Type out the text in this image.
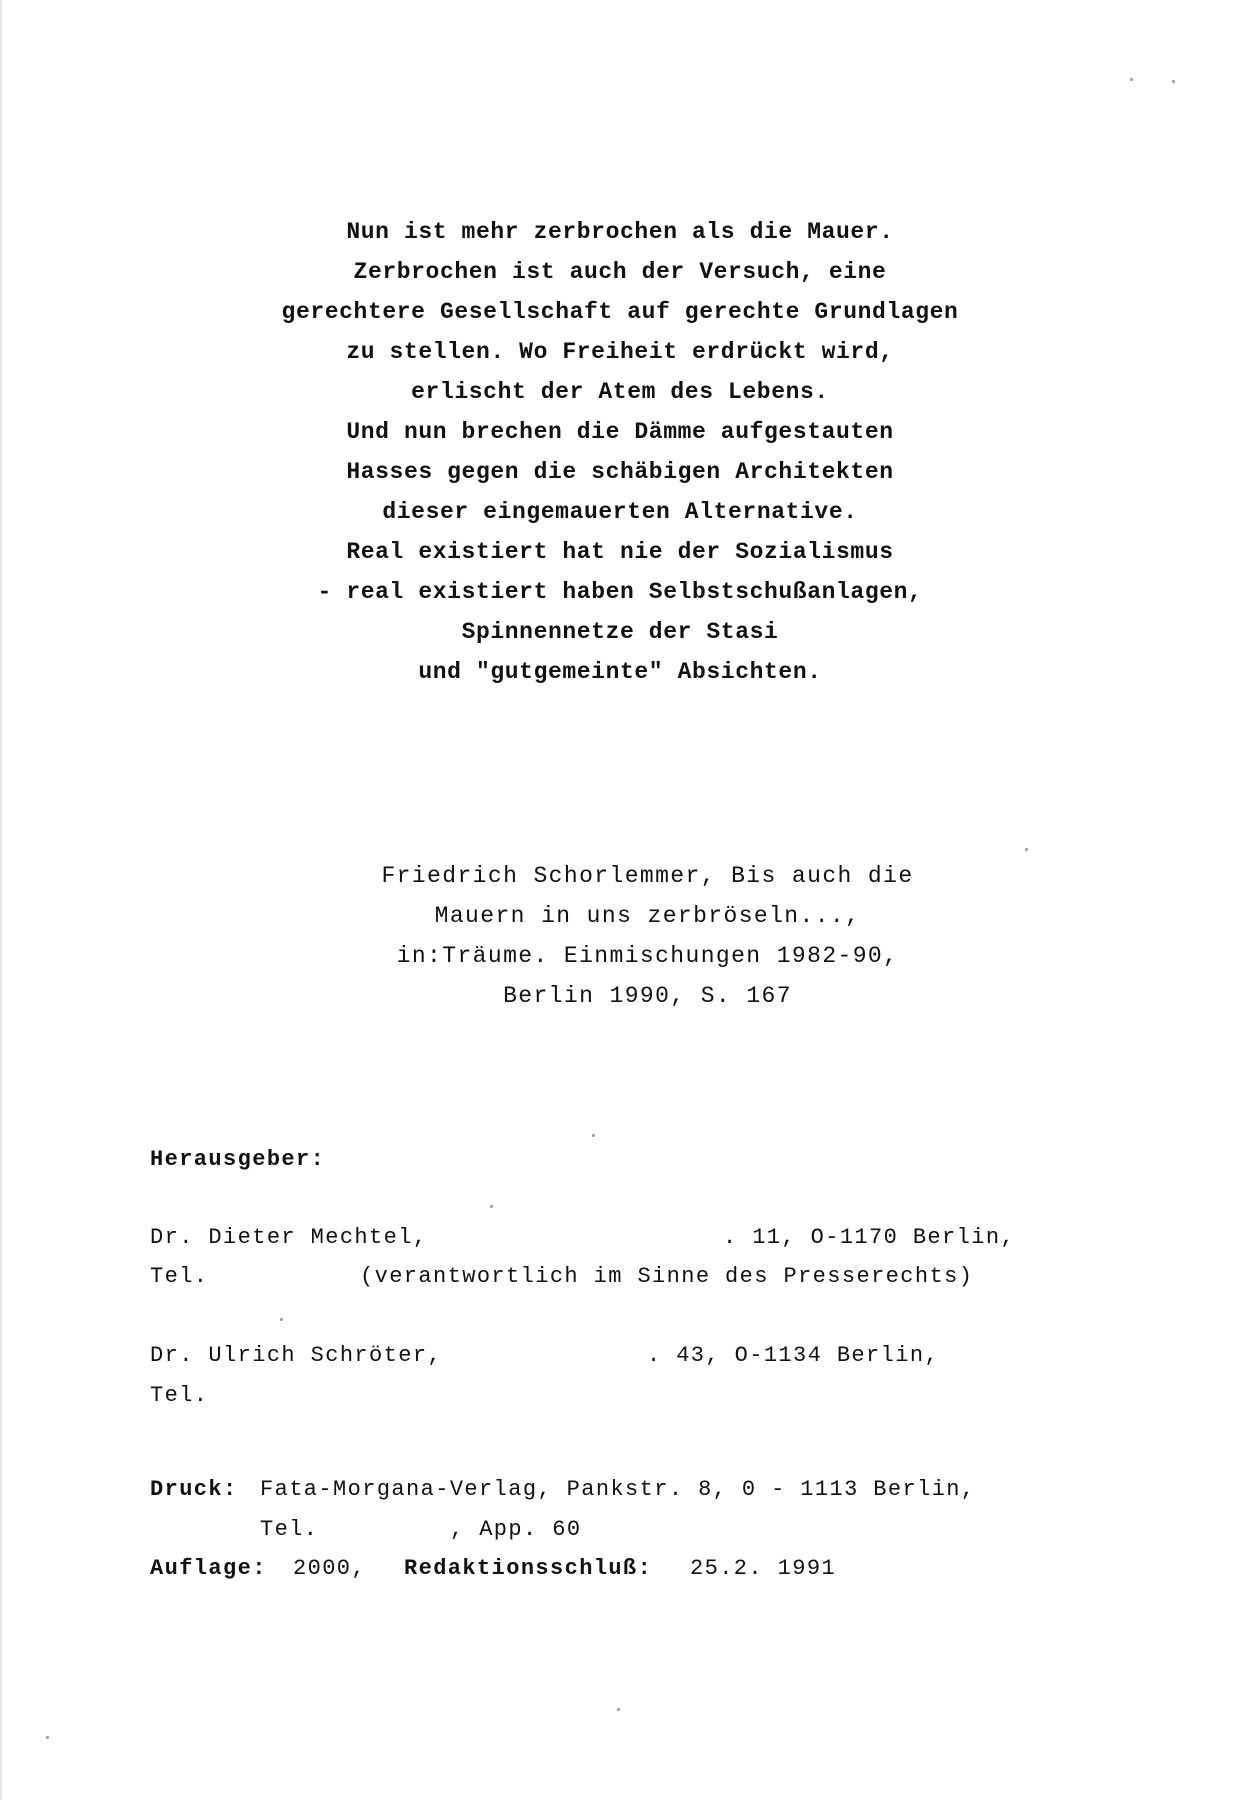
Nun ist mehr zerbrochen als die Mauer.
Zerbrochen ist auch der Versuch, eine
gerechtere Gesellschaft auf gerechte Grundlagen
zu stellen. Wo Freiheit erdrückt wird,
erlischt der Atem des Lebens.
Und nun brechen die Dämme aufgestauten
Hasses gegen die schäbigen Architekten
dieser eingemauerten Alternative.
Real existiert hat nie der Sozialismus
- real existiert haben Selbstschußanlagen,
Spinnennetze der Stasi
und "gutgemeinte" Absichten.
Friedrich Schorlemmer, Bis auch die
Mauern in uns zerbröseln...,
in:Träume. Einmischungen 1982-90,
Berlin 1990, S. 167
Herausgeber:
Dr. Dieter Mechtel,	. 11, O-1170 Berlin,
Tel.	(verantwortlich im Sinne des Presserechts)
Dr. Ulrich Schröter,	. 43, O-1134 Berlin,
Tel.
Druck: Fata-Morgana-Verlag, Pankstr. 8, 0 - 1113 Berlin,
Tel.	, App. 60
Auflage: 2000, Redaktionsschluß: 25.2. 1991
